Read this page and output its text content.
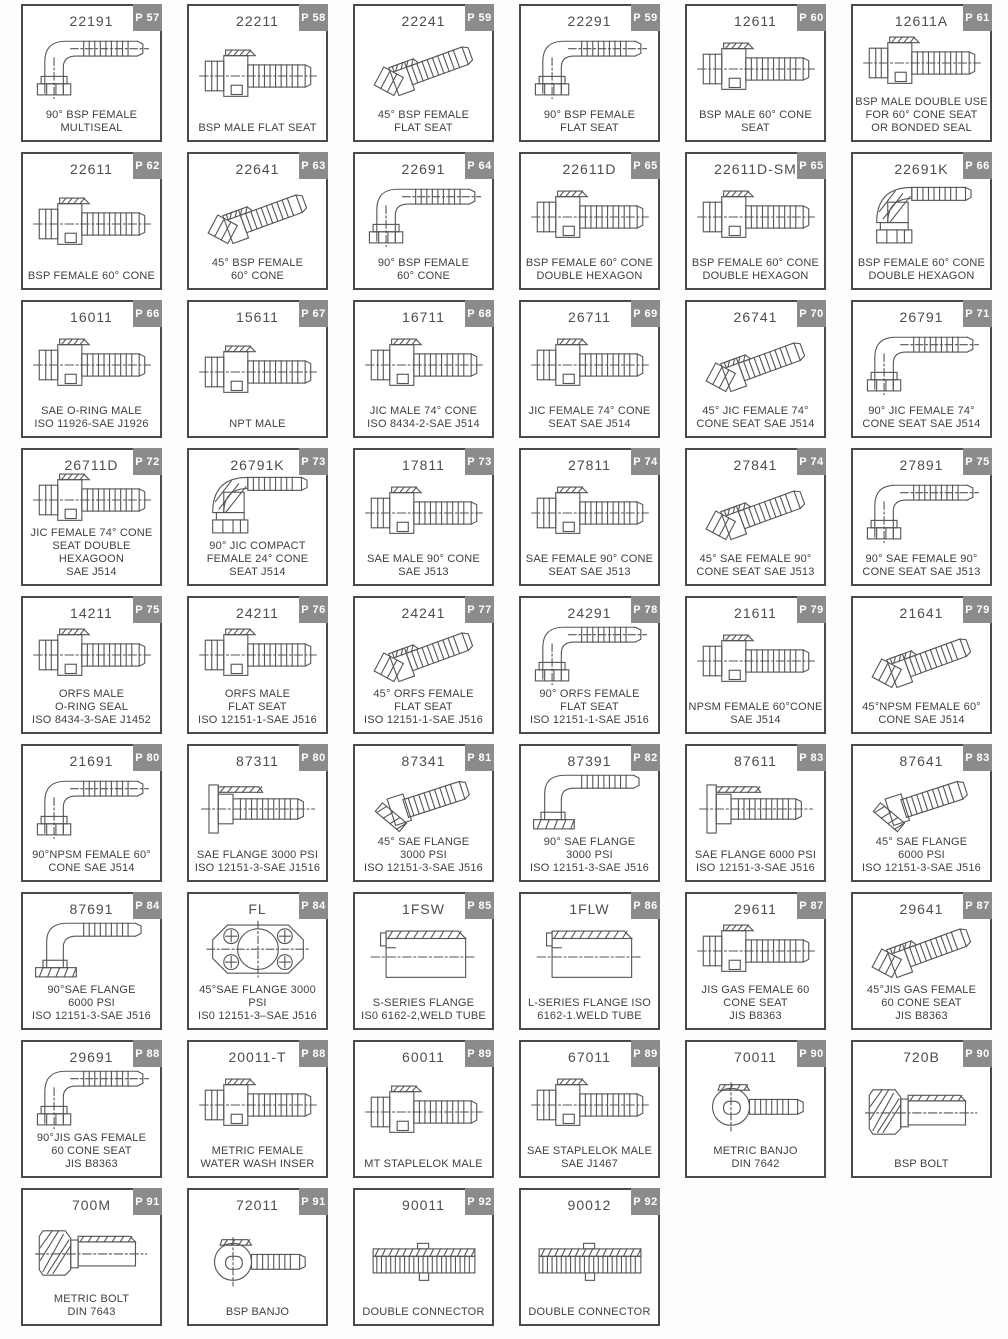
P 57
22191
90° BSP FEMALE
MULTISEAL
P 58
22211
BSP MALE FLAT SEAT
P 59
22241
45° BSP FEMALE
FLAT SEAT
P 59
22291
90° BSP FEMALE
FLAT SEAT
P 60
12611
BSP MALE 60° CONE SEAT
P 61
12611A
BSP MALE DOUBLE USE
FOR 60° CONE SEAT
OR BONDED SEAL
P 62
22611
BSP FEMALE 60° CONE
P 63
22641
45° BSP FEMALE
60° CONE
P 64
22691
90° BSP FEMALE
60° CONE
P 65
22611D
BSP FEMALE 60° CONE
DOUBLE HEXAGON
P 65
22611D-SM
BSP FEMALE 60° CONE
DOUBLE HEXAGON
P 66
22691K
BSP FEMALE 60° CONE
DOUBLE HEXAGON
P 66
16011
SAE O-RING MALE
ISO 11926-SAE J1926
P 67
15611
NPT MALE
P 68
16711
JIC MALE 74° CONE
ISO 8434-2-SAE J514
P 69
26711
JIC FEMALE 74° CONE
SEAT SAE J514
P 70
26741
45° JIC FEMALE 74°
CONE SEAT SAE J514
P 71
26791
90° JIC FEMALE 74°
CONE SEAT SAE J514
P 72
26711D
JIC FEMALE 74° CONE
SEAT DOUBLE HEXAGOON
SAE J514
P 73
26791K
90° JIC COMPACT
FEMALE 24° CONE
SEAT J514
P 73
17811
SAE MALE 90° CONE
SAE J513
P 74
27811
SAE FEMALE 90° CONE
SEAT SAE J513
P 74
27841
45° SAE FEMALE 90°
CONE SEAT SAE J513
P 75
27891
90° SAE FEMALE 90°
CONE SEAT SAE J513
P 75
14211
ORFS MALE
O-RING SEAL
ISO 8434-3-SAE J1452
P 76
24211
ORFS MALE
FLAT SEAT
ISO 12151-1-SAE J516
P 77
24241
45° ORFS FEMALE
FLAT SEAT
ISO 12151-1-SAE J516
P 78
24291
90° ORFS FEMALE
FLAT SEAT
ISO 12151-1-SAE J516
P 79
21611
NPSM FEMALE 60°CONE
SAE J514
P 79
21641
45°NPSM FEMALE 60°
CONE SAE J514
P 80
21691
90°NPSM FEMALE 60°
CONE SAE J514
P 80
87311
SAE FLANGE 3000 PSI
ISO 12151-3-SAE J1516
P 81
87341
45° SAE FLANGE
3000 PSI
ISO 12151-3-SAE J516
P 82
87391
90° SAE FLANGE
3000 PSI
ISO 12151-3-SAE J516
P 83
87611
SAE FLANGE 6000 PSI
ISO 12151-3-SAE J516
P 83
87641
45° SAE FLANGE
6000 PSI
ISO 12151-3-SAE J516
P 84
87691
90°SAE FLANGE
6000 PSI
ISO 12151-3-SAE J516
P 84
FL
45°SAE FLANGE 3000 PSI
IS0 12151-3–SAE J516
P 85
1FSW
S-SERIES FLANGE
IS0 6162-2,WELD TUBE
P 86
1FLW
L-SERIES FLANGE ISO
6162-1.WELD TUBE
P 87
29611
JIS GAS FEMALE 60
CONE SEAT
JIS B8363
P 87
29641
45°JIS GAS FEMALE
60 CONE SEAT
JIS B8363
P 88
29691
90°JIS GAS FEMALE
60 CONE SEAT
JIS B8363
P 88
20011-T
METRIC FEMALE
WATER WASH INSER
P 89
60011
MT STAPLELOK MALE
P 89
67011
SAE STAPLELOK MALE
SAE J1467
P 90
70011
METRIC BANJO
DIN 7642
P 90
720B
BSP BOLT
P 91
700M
METRIC BOLT
DIN 7643
P 91
72011
BSP BANJO
P 92
90011
DOUBLE CONNECTOR
P 92
90012
DOUBLE CONNECTOR
